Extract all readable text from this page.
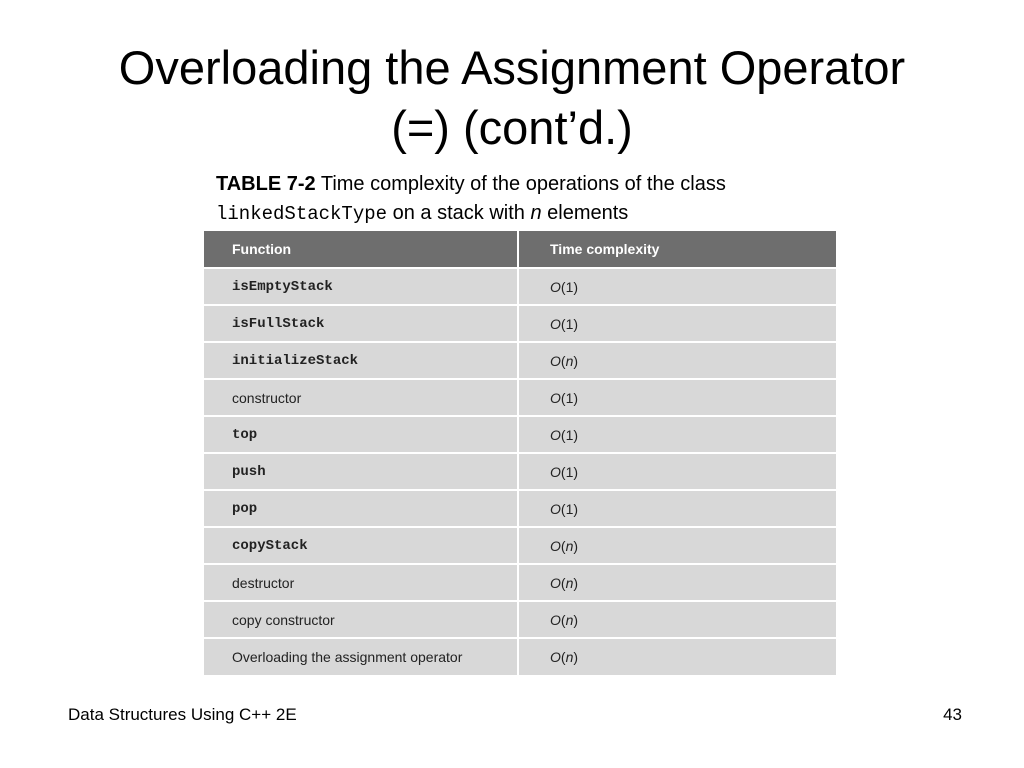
Overloading the Assignment Operator
(=) (cont’d.)
TABLE 7-2 Time complexity of the operations of the class
linkedStackType on a stack with n elements
Function	Time complexity
isEmptyStack	O(1)
isFullStack	O(1)
initializeStack	O(n)
constructor	O(1)
top	O(1)
push	O(1)
pop	O(1)
copyStack	O(n)
destructor	O(n)
copy constructor	O(n)
Overloading the assignment operator	O(n)
Data Structures Using C++ 2E	43
